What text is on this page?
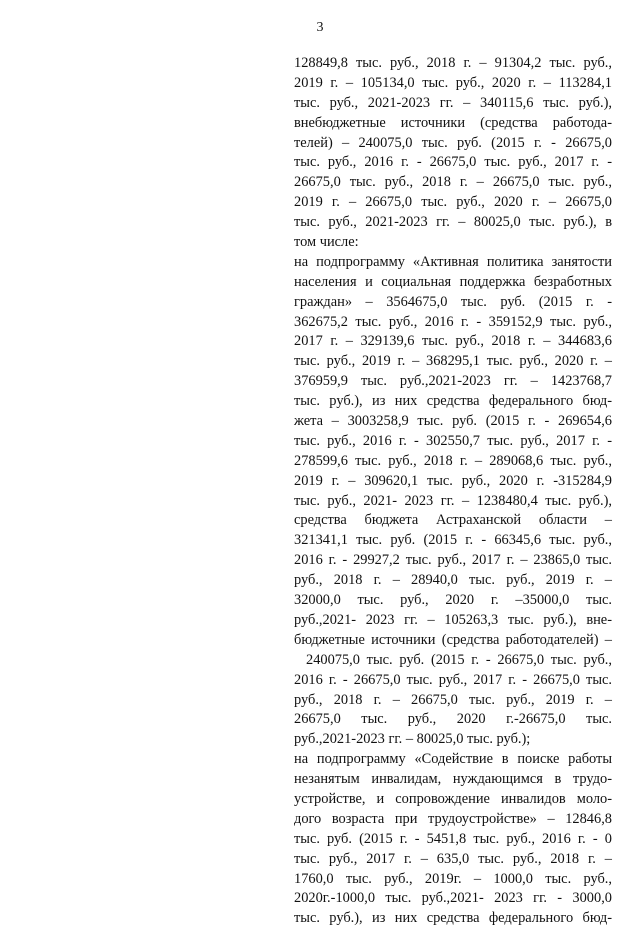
3
128849,8 тыс. руб., 2018 г. – 91304,2 тыс. руб.,
2019 г. – 105134,0 тыс. руб., 2020 г. – 113284,1
тыс. руб., 2021-2023 гг. – 340115,6 тыс. руб.),
внебюджетные источники (средства работода-
телей) – 240075,0 тыс. руб. (2015 г. - 26675,0
тыс. руб., 2016 г. - 26675,0 тыс. руб., 2017 г. -
26675,0 тыс. руб., 2018 г. – 26675,0 тыс. руб.,
2019 г. – 26675,0 тыс. руб., 2020 г. – 26675,0
тыс. руб., 2021-2023 гг. – 80025,0 тыс. руб.), в
том числе:
на подпрограмму «Активная политика занятости
населения и социальная поддержка безработных
граждан» – 3564675,0 тыс. руб. (2015 г. -
362675,2 тыс. руб., 2016 г. - 359152,9 тыс. руб.,
2017 г. – 329139,6 тыс. руб., 2018 г. – 344683,6
тыс. руб., 2019 г. – 368295,1 тыс. руб., 2020 г. –
376959,9 тыс. руб.,2021-2023 гг. – 1423768,7
тыс. руб.), из них средства федерального бюд-
жета – 3003258,9 тыс. руб. (2015 г. - 269654,6
тыс. руб., 2016 г. - 302550,7 тыс. руб., 2017 г. -
278599,6 тыс. руб., 2018 г. – 289068,6 тыс. руб.,
2019 г. – 309620,1 тыс. руб., 2020 г. -315284,9
тыс. руб., 2021- 2023 гг. – 1238480,4 тыс. руб.),
средства бюджета Астраханской области –
321341,1 тыс. руб. (2015 г. - 66345,6 тыс. руб.,
2016 г. - 29927,2 тыс. руб., 2017 г. – 23865,0 тыс.
руб., 2018 г. – 28940,0 тыс. руб., 2019 г. –
32000,0 тыс. руб., 2020 г. –35000,0 тыс.
руб.,2021- 2023 гг. – 105263,3 тыс. руб.), вне-
бюджетные источники (средства работодателей) –
240075,0 тыс. руб. (2015 г. - 26675,0 тыс. руб.,
2016 г. - 26675,0 тыс. руб., 2017 г. - 26675,0 тыс.
руб., 2018 г. – 26675,0 тыс. руб., 2019 г. –
26675,0 тыс. руб., 2020 г.-26675,0 тыс.
руб.,2021-2023 гг. – 80025,0 тыс. руб.);
на подпрограмму «Содействие в поиске работы
незанятым инвалидам, нуждающимся в трудо-
устройстве, и сопровождение инвалидов моло-
дого возраста при трудоустройстве» – 12846,8
тыс. руб. (2015 г. - 5451,8 тыс. руб., 2016 г. - 0
тыс. руб., 2017 г. – 635,0 тыс. руб., 2018 г. –
1760,0 тыс. руб., 2019г. – 1000,0 тыс. руб.,
2020г.-1000,0 тыс. руб.,2021- 2023 гг. - 3000,0
тыс. руб.), из них средства федерального бюд-
